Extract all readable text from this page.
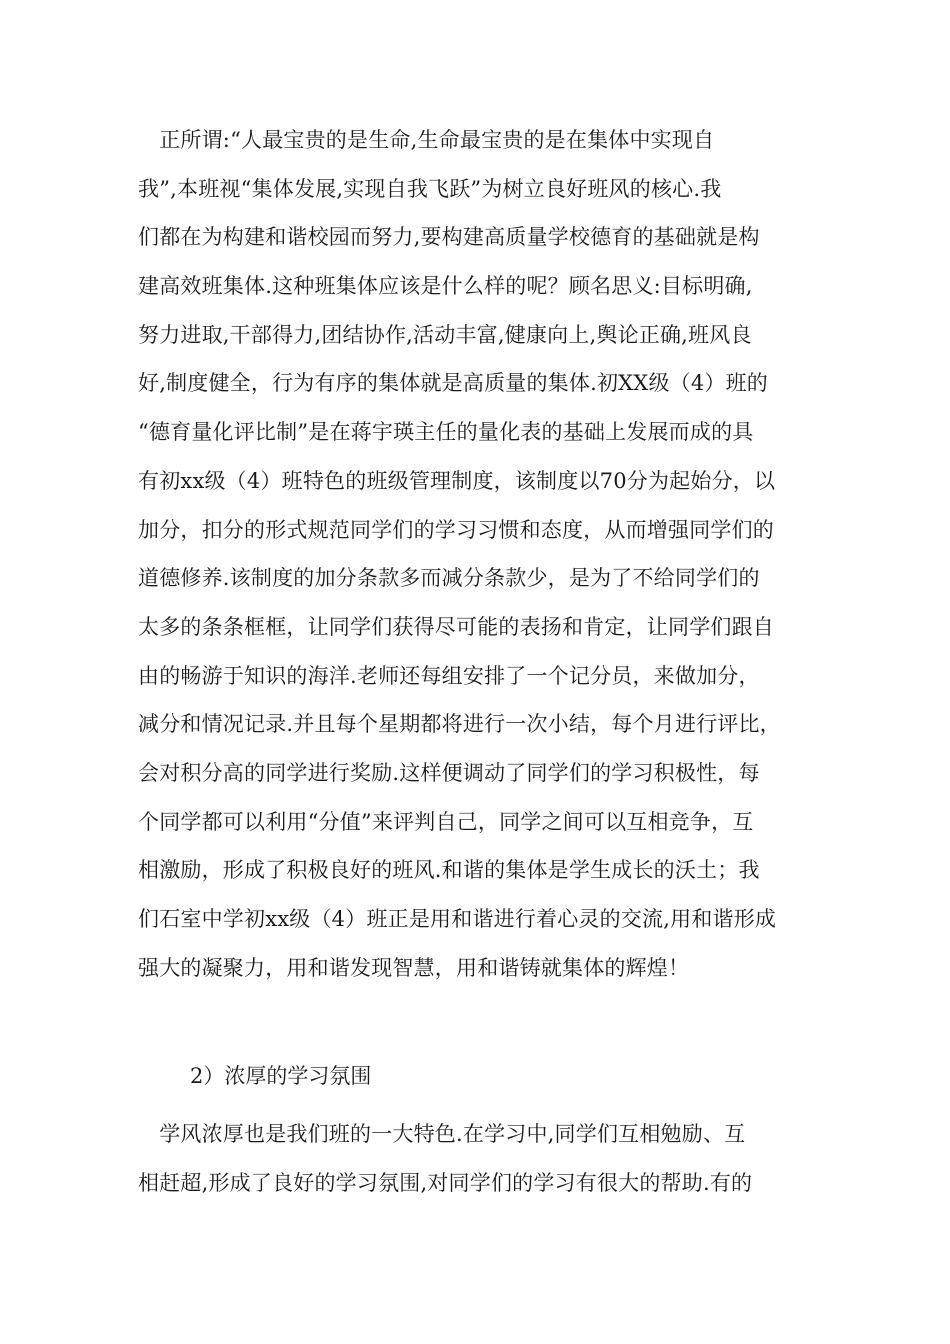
　正所谓:“人最宝贵的是生命,生命最宝贵的是在集体中实现自
我”,本班视“集体发展,实现自我飞跃”为树立良好班风的核心.我
们都在为构建和谐校园而努力,要构建高质量学校德育的基础就是构
建高效班集体.这种班集体应该是什么样的呢？顾名思义:目标明确,
努力进取,干部得力,团结协作,活动丰富,健康向上,舆论正确,班风良
好,制度健全，行为有序的集体就是高质量的集体.初XX级（4）班的
“德育量化评比制”是在蒋宇瑛主任的量化表的基础上发展而成的具
有初xx级（4）班特色的班级管理制度，该制度以70分为起始分，以
加分，扣分的形式规范同学们的学习习惯和态度，从而增强同学们的
道德修养.该制度的加分条款多而减分条款少，是为了不给同学们的
太多的条条框框，让同学们获得尽可能的表扬和肯定，让同学们跟自
由的畅游于知识的海洋.老师还每组安排了一个记分员，来做加分，
减分和情况记录.并且每个星期都将进行一次小结，每个月进行评比，
会对积分高的同学进行奖励.这样便调动了同学们的学习积极性，每
个同学都可以利用“分值”来评判自己，同学之间可以互相竞争，互
相激励，形成了积极良好的班风.和谐的集体是学生成长的沃土；我
们石室中学初xx级（4）班正是用和谐进行着心灵的交流,用和谐形成
强大的凝聚力，用和谐发现智慧，用和谐铸就集体的辉煌！
2）浓厚的学习氛围
　学风浓厚也是我们班的一大特色.在学习中,同学们互相勉励、互
相赶超,形成了良好的学习氛围,对同学们的学习有很大的帮助.有的
